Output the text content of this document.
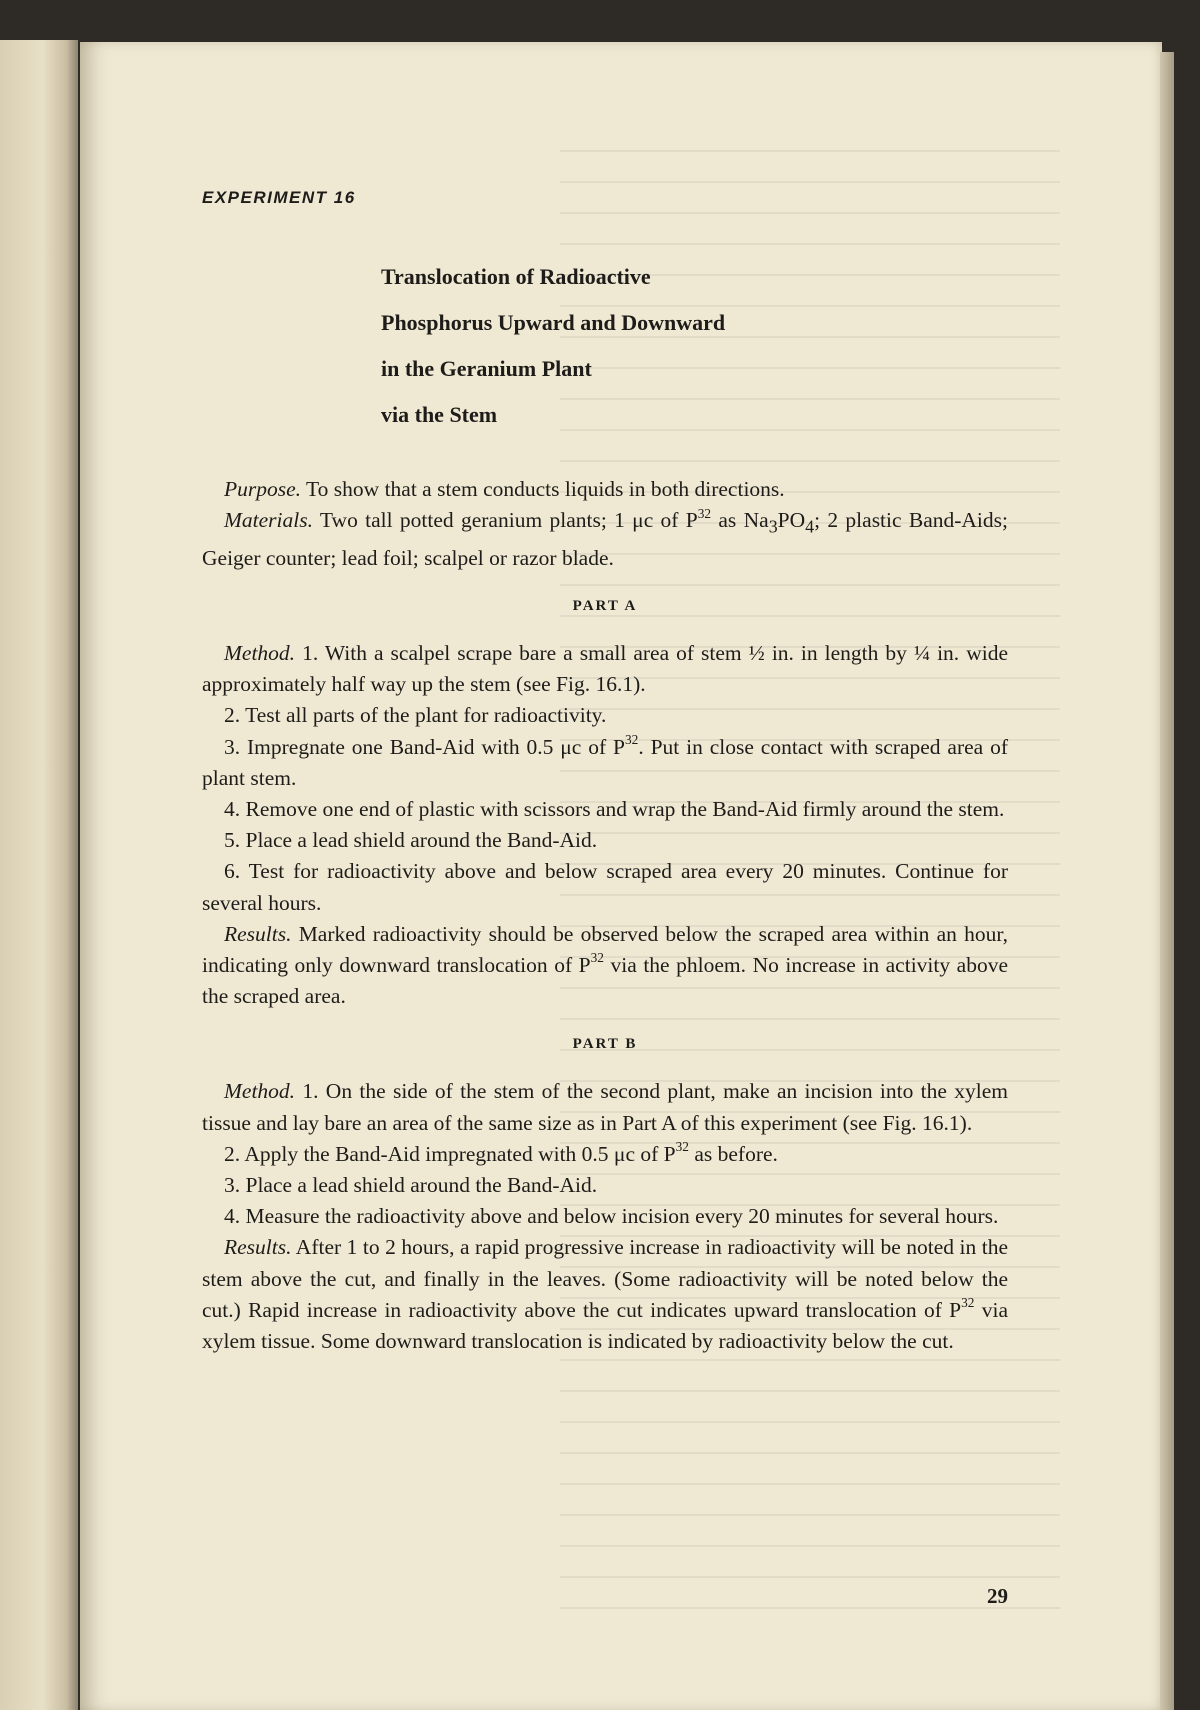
EXPERIMENT 16
Translocation of Radioactive
Phosphorus Upward and Downward
in the Geranium Plant
via the Stem

Purpose. To show that a stem conducts liquids in both directions.

Materials. Two tall potted geranium plants; 1 μc of $P^{32}$ as $Na_3PO_4$; 2 plastic Band-Aids; Geiger counter; lead foil; scalpel or razor blade.

PART A

Method. 1. With a scalpel scrape bare a small area of stem ½ in. in length by ¼ in. wide approximately half way up the stem (see Fig. 16.1).

2. Test all parts of the plant for radioactivity.

3. Impregnate one Band-Aid with 0.5 μc of $P^{32}$. Put in close contact with scraped area of plant stem.

4. Remove one end of plastic with scissors and wrap the Band-Aid firmly around the stem.

5. Place a lead shield around the Band-Aid.

6. Test for radioactivity above and below scraped area every 20 minutes. Continue for several hours.

Results. Marked radioactivity should be observed below the scraped area within an hour, indicating only downward translocation of $P^{32}$ via the phloem. No increase in activity above the scraped area.

PART B

Method. 1. On the side of the stem of the second plant, make an incision into the xylem tissue and lay bare an area of the same size as in Part A of this experiment (see Fig. 16.1).

2. Apply the Band-Aid impregnated with 0.5 μc of $P^{32}$ as before.

3. Place a lead shield around the Band-Aid.

4. Measure the radioactivity above and below incision every 20 minutes for several hours.

Results. After 1 to 2 hours, a rapid progressive increase in radioactivity will be noted in the stem above the cut, and finally in the leaves. (Some radioactivity will be noted below the cut.) Rapid increase in radioactivity above the cut indicates upward translocation of $P^{32}$ via xylem tissue. Some downward translocation is indicated by radioactivity below the cut.

29
